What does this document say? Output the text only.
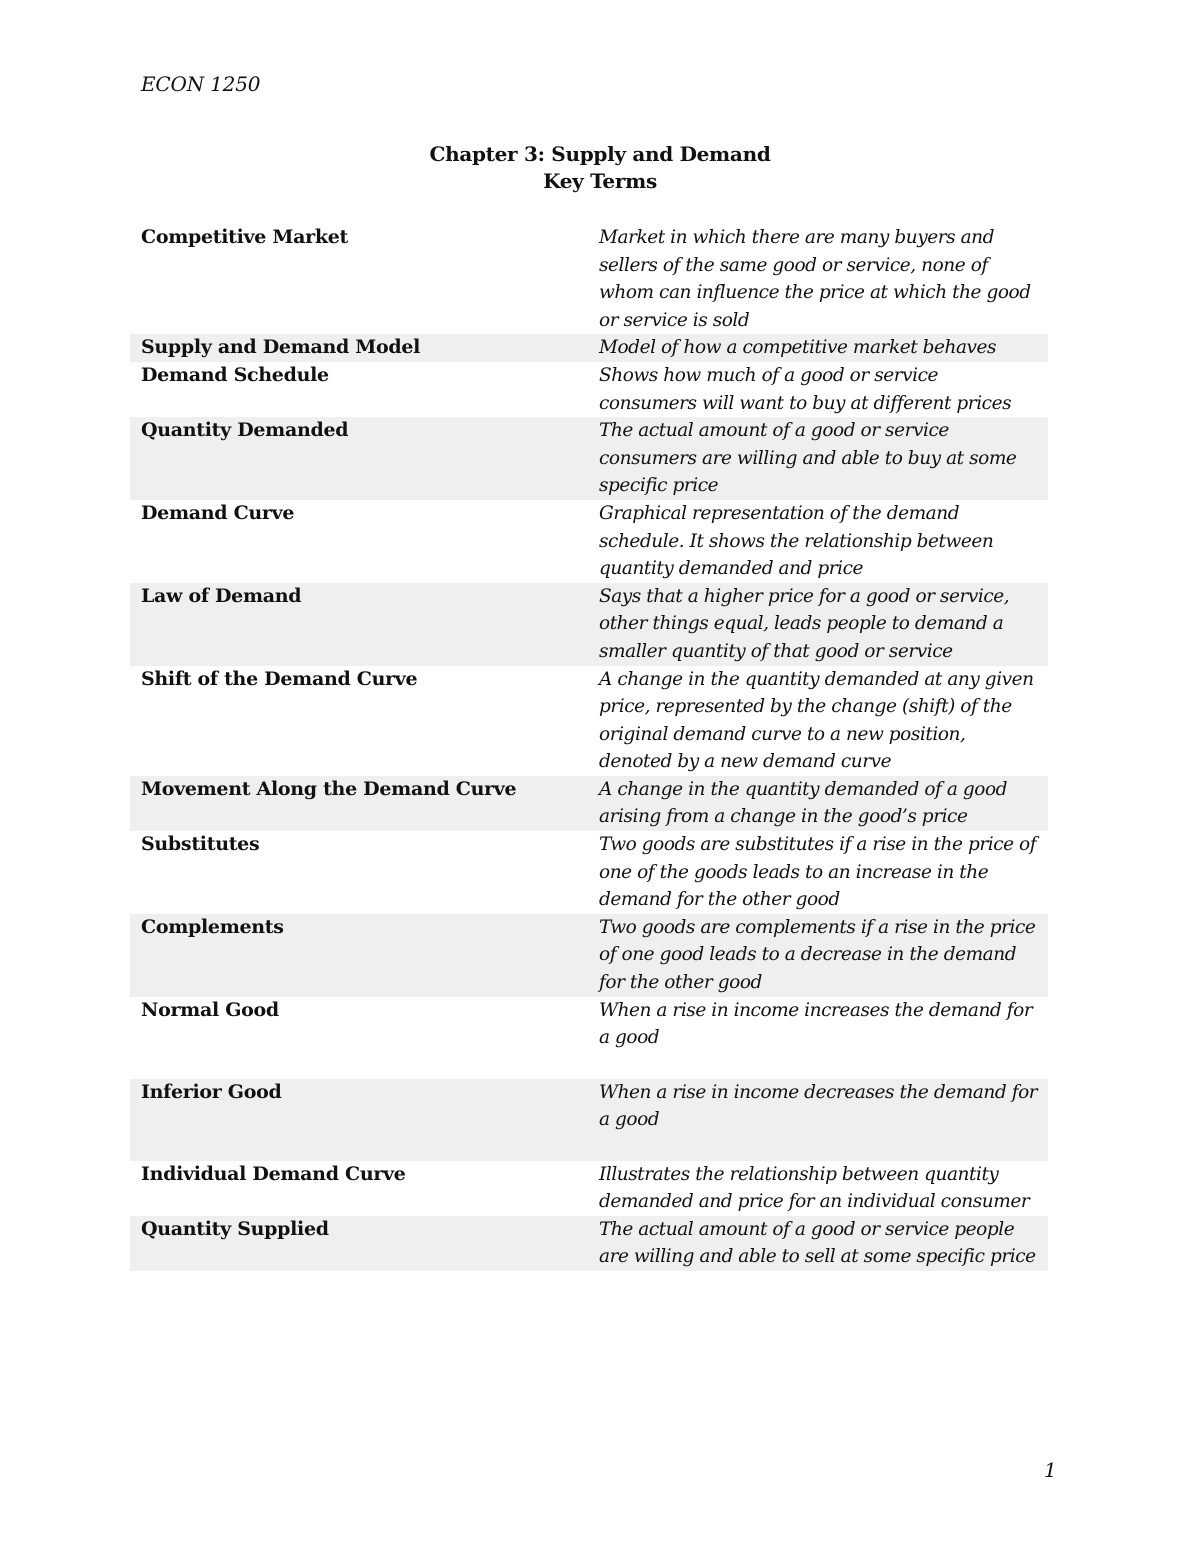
ECON 1250
Chapter 3: Supply and Demand
Key Terms
Competitive Market	Market in which there are many buyers and sellers of the same good or service, none of whom can influence the price at which the good or service is sold
Supply and Demand Model	Model of how a competitive market behaves
Demand Schedule	Shows how much of a good or service consumers will want to buy at different prices
Quantity Demanded	The actual amount of a good or service consumers are willing and able to buy at some specific price
Demand Curve	Graphical representation of the demand schedule. It shows the relationship between quantity demanded and price
Law of Demand	Says that a higher price for a good or service, other things equal, leads people to demand a smaller quantity of that good or service
Shift of the Demand Curve	A change in the quantity demanded at any given price, represented by the change (shift) of the original demand curve to a new position, denoted by a new demand curve
Movement Along the Demand Curve	A change in the quantity demanded of a good arising from a change in the good’s price
Substitutes	Two goods are substitutes if a rise in the price of one of the goods leads to an increase in the demand for the other good
Complements	Two goods are complements if a rise in the price of one good leads to a decrease in the demand for the other good
Normal Good	When a rise in income increases the demand for a good
Inferior Good	When a rise in income decreases the demand for a good
Individual Demand Curve	Illustrates the relationship between quantity demanded and price for an individual consumer
Quantity Supplied	The actual amount of a good or service people are willing and able to sell at some specific price
1
